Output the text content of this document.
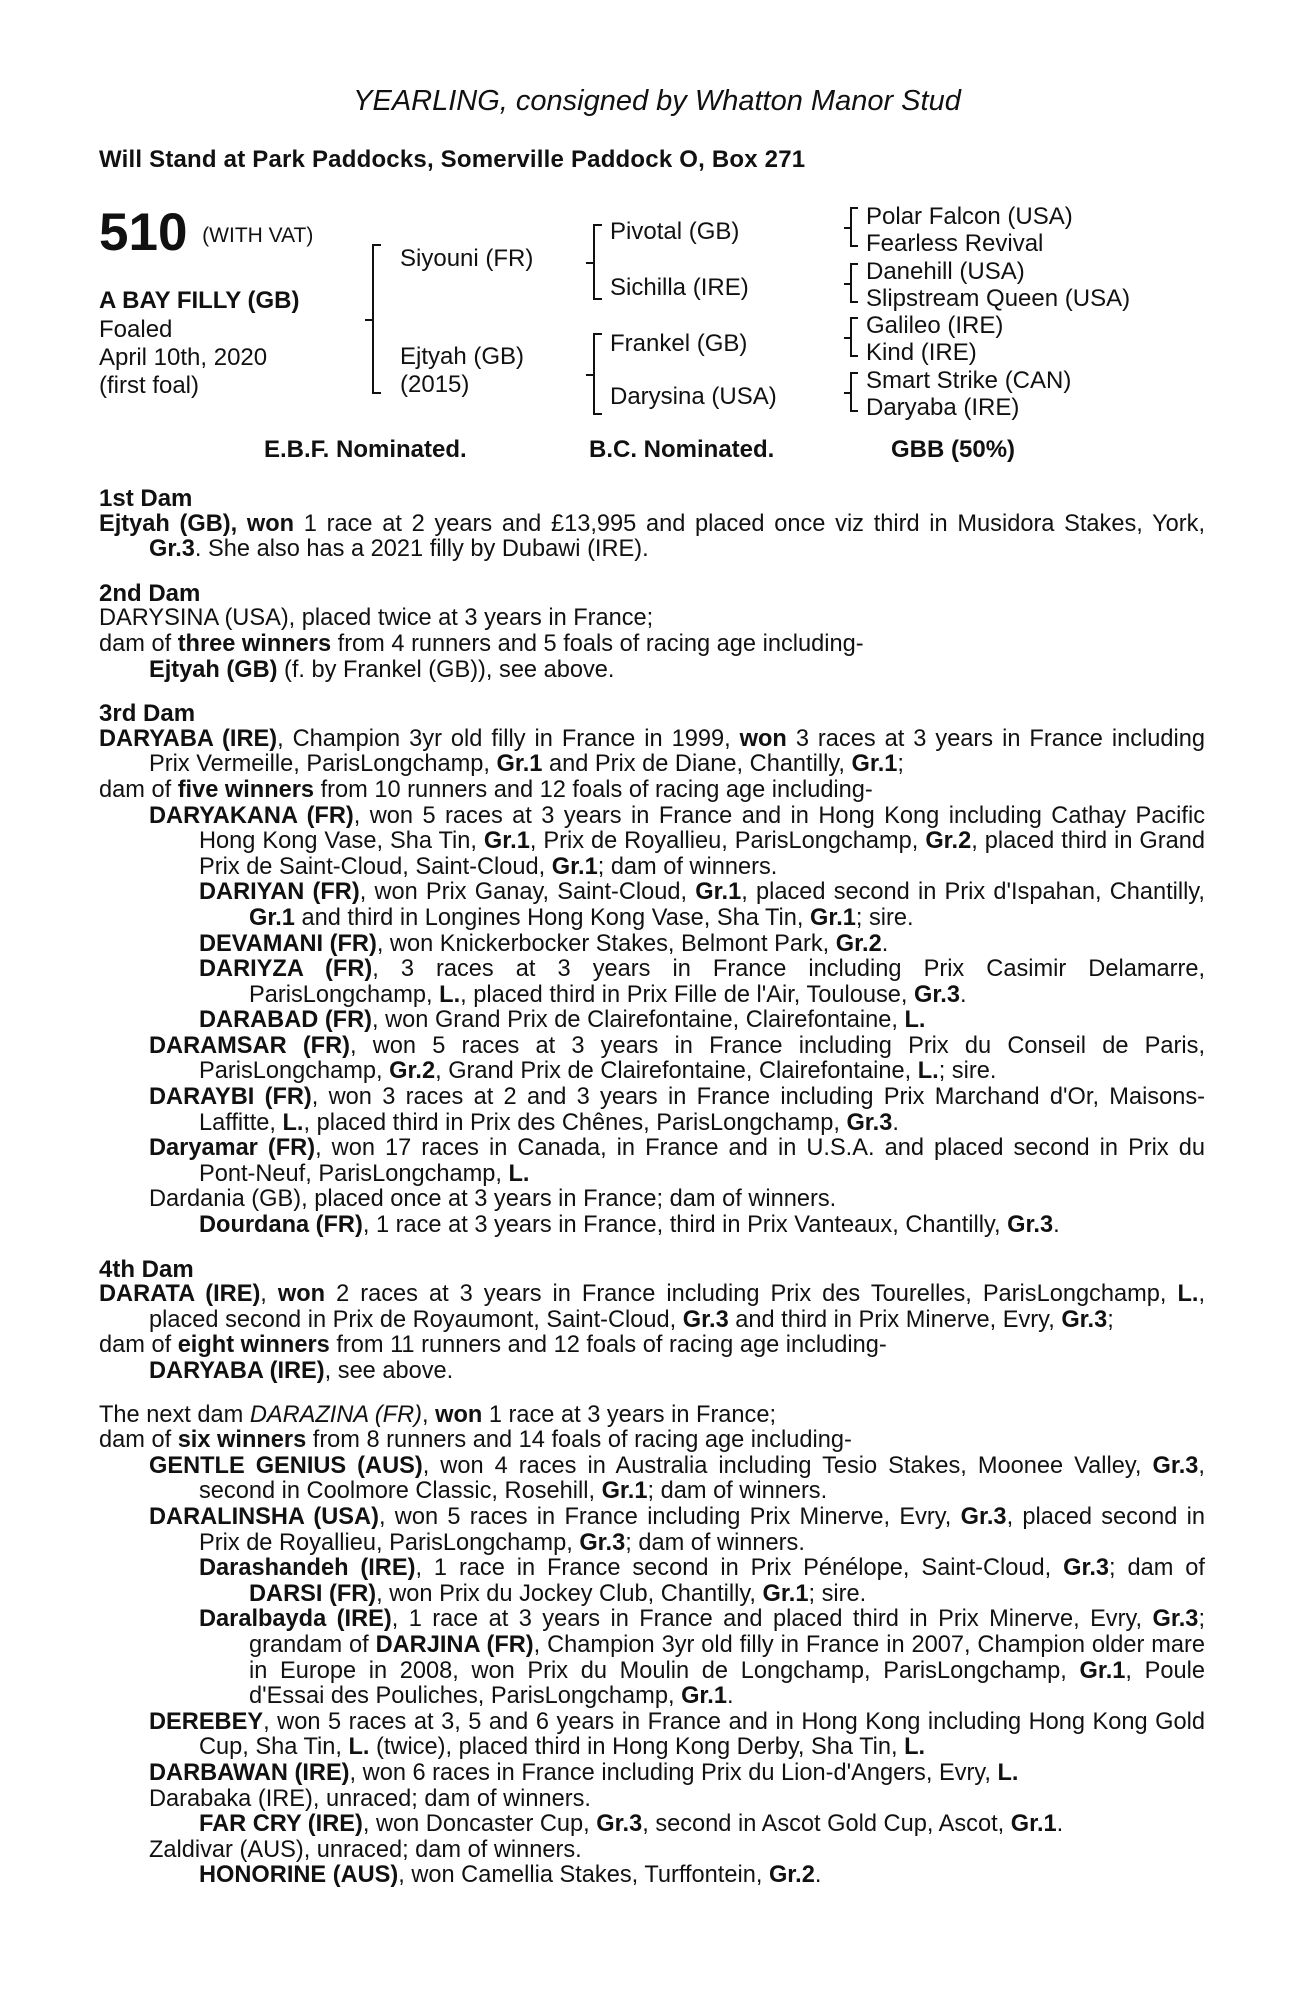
YEARLING, consigned by Whatton Manor Stud
Will Stand at Park Paddocks, Somerville Paddock O, Box 271
510 (WITH VAT)
A BAY FILLY (GB)
Foaled
April 10th, 2020
(first foal)
Siyouni (FR)
Ejtyah (GB)
(2015)
Pivotal (GB)
Sichilla (IRE)
Frankel (GB)
Darysina (USA)
Polar Falcon (USA)
Fearless Revival
Danehill (USA)
Slipstream Queen (USA)
Galileo (IRE)
Kind (IRE)
Smart Strike (CAN)
Daryaba (IRE)
E.B.F. Nominated.	B.C. Nominated.	GBB (50%)
1st Dam

Ejtyah (GB), won 1 race at 2 years and £13,995 and placed once viz third in Musidora Stakes, York, Gr.3. She also has a 2021 filly by Dubawi (IRE).

2nd Dam

DARYSINA (USA), placed twice at 3 years in France;

dam of three winners from 4 runners and 5 foals of racing age including-

Ejtyah (GB) (f. by Frankel (GB)), see above.

3rd Dam

DARYABA (IRE), Champion 3yr old filly in France in 1999, won 3 races at 3 years in France including Prix Vermeille, ParisLongchamp, Gr.1 and Prix de Diane, Chantilly, Gr.1;

dam of five winners from 10 runners and 12 foals of racing age including-

DARYAKANA (FR), won 5 races at 3 years in France and in Hong Kong including Cathay Pacific Hong Kong Vase, Sha Tin, Gr.1, Prix de Royallieu, ParisLongchamp, Gr.2, placed third in Grand Prix de Saint-Cloud, Saint-Cloud, Gr.1; dam of winners.

DARIYAN (FR), won Prix Ganay, Saint-Cloud, Gr.1, placed second in Prix d'Ispahan, Chantilly, Gr.1 and third in Longines Hong Kong Vase, Sha Tin, Gr.1; sire.

DEVAMANI (FR), won Knickerbocker Stakes, Belmont Park, Gr.2.

DARIYZA (FR), 3 races at 3 years in France including Prix Casimir Delamarre, ParisLongchamp, L., placed third in Prix Fille de l'Air, Toulouse, Gr.3.

DARABAD (FR), won Grand Prix de Clairefontaine, Clairefontaine, L.

DARAMSAR (FR), won 5 races at 3 years in France including Prix du Conseil de Paris, ParisLongchamp, Gr.2, Grand Prix de Clairefontaine, Clairefontaine, L.; sire.

DARAYBI (FR), won 3 races at 2 and 3 years in France including Prix Marchand d'Or, Maisons-Laffitte, L., placed third in Prix des Chênes, ParisLongchamp, Gr.3.

Daryamar (FR), won 17 races in Canada, in France and in U.S.A. and placed second in Prix du Pont-Neuf, ParisLongchamp, L.

Dardania (GB), placed once at 3 years in France; dam of winners.

Dourdana (FR), 1 race at 3 years in France, third in Prix Vanteaux, Chantilly, Gr.3.

4th Dam

DARATA (IRE), won 2 races at 3 years in France including Prix des Tourelles, ParisLongchamp, L., placed second in Prix de Royaumont, Saint-Cloud, Gr.3 and third in Prix Minerve, Evry, Gr.3;

dam of eight winners from 11 runners and 12 foals of racing age including-

DARYABA (IRE), see above.

The next dam DARAZINA (FR), won 1 race at 3 years in France;

dam of six winners from 8 runners and 14 foals of racing age including-

GENTLE GENIUS (AUS), won 4 races in Australia including Tesio Stakes, Moonee Valley, Gr.3, second in Coolmore Classic, Rosehill, Gr.1; dam of winners.

DARALINSHA (USA), won 5 races in France including Prix Minerve, Evry, Gr.3, placed second in Prix de Royallieu, ParisLongchamp, Gr.3; dam of winners.

Darashandeh (IRE), 1 race in France second in Prix Pénélope, Saint-Cloud, Gr.3; dam of DARSI (FR), won Prix du Jockey Club, Chantilly, Gr.1; sire.

Daralbayda (IRE), 1 race at 3 years in France and placed third in Prix Minerve, Evry, Gr.3; grandam of DARJINA (FR), Champion 3yr old filly in France in 2007, Champion older mare in Europe in 2008, won Prix du Moulin de Longchamp, ParisLongchamp, Gr.1, Poule d'Essai des Pouliches, ParisLongchamp, Gr.1.

DEREBEY, won 5 races at 3, 5 and 6 years in France and in Hong Kong including Hong Kong Gold Cup, Sha Tin, L. (twice), placed third in Hong Kong Derby, Sha Tin, L.

DARBAWAN (IRE), won 6 races in France including Prix du Lion-d'Angers, Evry, L.

Darabaka (IRE), unraced; dam of winners.

FAR CRY (IRE), won Doncaster Cup, Gr.3, second in Ascot Gold Cup, Ascot, Gr.1.

Zaldivar (AUS), unraced; dam of winners.

HONORINE (AUS), won Camellia Stakes, Turffontein, Gr.2.
